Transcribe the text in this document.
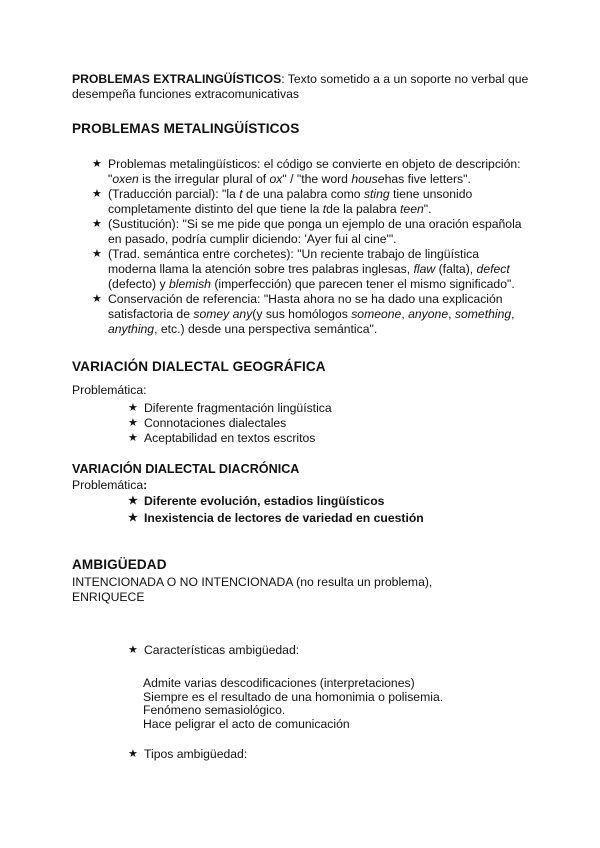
PROBLEMAS EXTRALINGÜÍSTICOS: Texto sometido a a un soporte no verbal que
desempeña funciones extracomunicativas
PROBLEMAS METALINGÜÍSTICOS
★ Problemas metalingüísticos: el código se convierte en objeto de descripción:
"oxen is the irregular plural of ox" / "the word househas five letters".
★ (Traducción parcial): "la t de una palabra como sting tiene unsonido
completamente distinto del que tiene la tde la palabra teen".
★ (Sustitución): "Si se me pide que ponga un ejemplo de una oración española
en pasado, podría cumplir diciendo: 'Ayer fui al cine'".
★ (Trad. semántica entre corchetes): "Un reciente trabajo de lingüística
moderna llama la atención sobre tres palabras inglesas, flaw (falta), defect
(defecto) y blemish (imperfección) que parecen tener el mismo significado".
★ Conservación de referencia: "Hasta ahora no se ha dado una explicación
satisfactoria de somey any(y sus homólogos someone, anyone, something,
anything, etc.) desde una perspectiva semántica".
VARIACIÓN DIALECTAL GEOGRÁFICA
Problemática:
★ Diferente fragmentación lingüística
★ Connotaciones dialectales
★ Aceptabilidad en textos escritos
VARIACIÓN DIALECTAL DIACRÓNICA
Problemática:
★ Diferente evolución, estadios lingüísticos
★ Inexistencia de lectores de variedad en cuestión
AMBIGÜEDAD
INTENCIONADA O NO INTENCIONADA (no resulta un problema),
ENRIQUECE
★ Características ambigüedad:
Admite varias descodificaciones (interpretaciones)
Siempre es el resultado de una homonimia o polisemia.
Fenómeno semasiológico.
Hace peligrar el acto de comunicación
★ Tipos ambigüedad:
